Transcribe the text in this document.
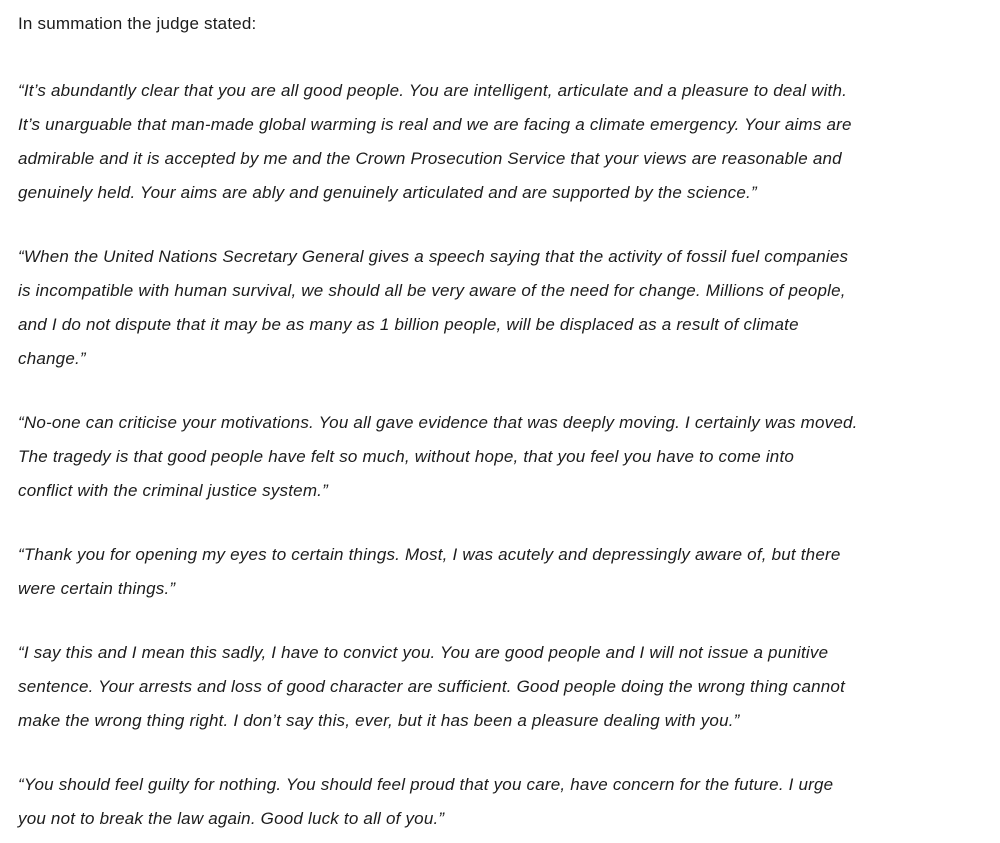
In summation the judge stated:

“It’s abundantly clear that you are all good people. You are intelligent, articulate and a pleasure to deal with.
It’s unarguable that man-made global warming is real and we are facing a climate emergency. Your aims are
admirable and it is accepted by me and the Crown Prosecution Service that your views are reasonable and
genuinely held. Your aims are ably and genuinely articulated and are supported by the science.”

“When the United Nations Secretary General gives a speech saying that the activity of fossil fuel companies
is incompatible with human survival, we should all be very aware of the need for change. Millions of people,
and I do not dispute that it may be as many as 1 billion people, will be displaced as a result of climate
change.”

“No-one can criticise your motivations. You all gave evidence that was deeply moving. I certainly was moved.
The tragedy is that good people have felt so much, without hope, that you feel you have to come into
conflict with the criminal justice system.”

“Thank you for opening my eyes to certain things. Most, I was acutely and depressingly aware of, but there
were certain things.”

“I say this and I mean this sadly, I have to convict you. You are good people and I will not issue a punitive
sentence. Your arrests and loss of good character are sufficient. Good people doing the wrong thing cannot
make the wrong thing right. I don’t say this, ever, but it has been a pleasure dealing with you.”

“You should feel guilty for nothing. You should feel proud that you care, have concern for the future. I urge
you not to break the law again. Good luck to all of you.”
